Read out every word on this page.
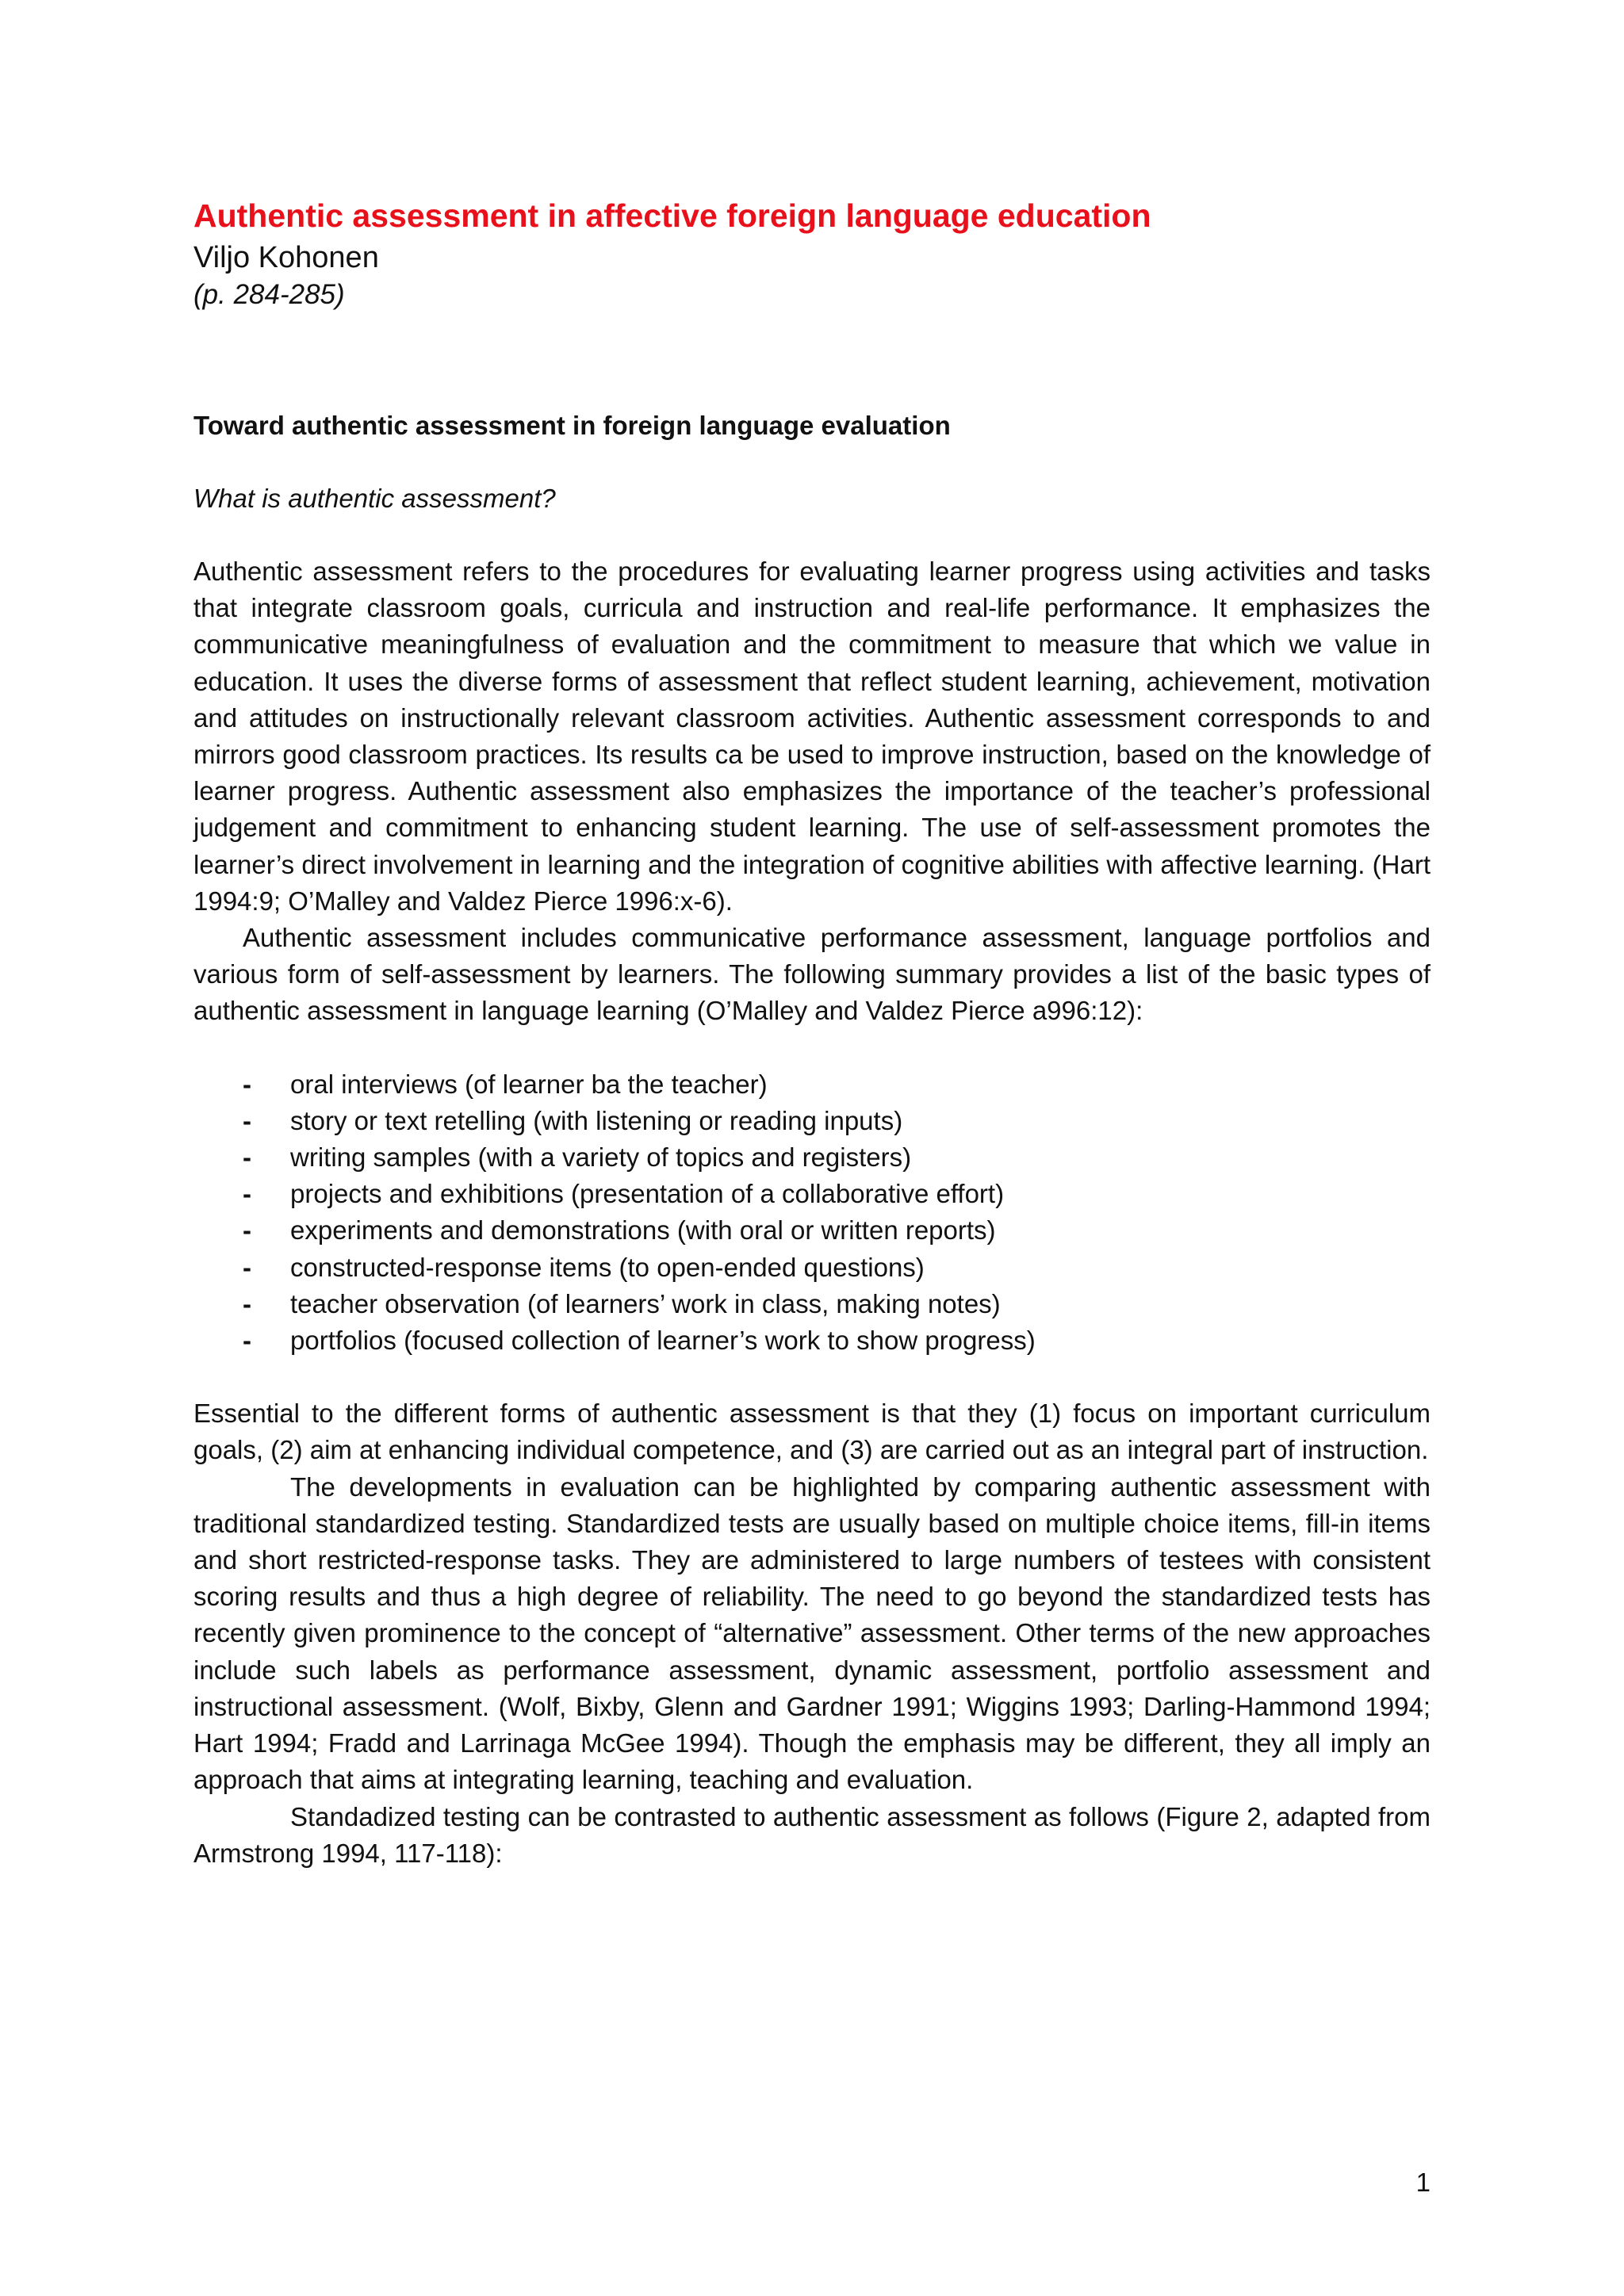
Authentic assessment in affective foreign language education

Viljo Kohonen

(p. 284-285)

Toward authentic assessment in foreign language evaluation

What is authentic assessment?

Authentic assessment refers to the procedures for evaluating learner progress using activities and tasks that integrate classroom goals, curricula and instruction and real-life performance. It emphasizes the communicative meaningfulness of evaluation and the commitment to measure that which we value in education. It uses the diverse forms of assessment that reflect student learning, achievement, motivation and attitudes on instructionally relevant classroom activities. Authentic assessment corresponds to and mirrors good classroom practices. Its results ca be used to improve instruction, based on the knowledge of learner progress. Authentic assessment also emphasizes the importance of the teacher’s professional judgement and commitment to enhancing student learning. The use of self-assessment promotes the learner’s direct involvement in learning and the integration of cognitive abilities with affective learning. (Hart 1994:9; O’Malley and Valdez Pierce 1996:x-6).

Authentic assessment includes communicative performance assessment, language portfolios and various form of self-assessment by learners. The following summary provides a list of the basic types of authentic assessment in language learning (O’Malley and Valdez Pierce a996:12):

- oral interviews (of learner ba the teacher)
- story or text retelling (with listening or reading inputs)
- writing samples (with a variety of topics and registers)
- projects and exhibitions (presentation of a collaborative effort)
- experiments and demonstrations (with oral or written reports)
- constructed-response items (to open-ended questions)
- teacher observation (of learners’ work in class, making notes)
- portfolios (focused collection of learner’s work to show progress)

Essential to the different forms of authentic assessment is that they (1) focus on important curriculum goals, (2) aim at enhancing individual competence, and (3) are carried out as an integral part of instruction.

The developments in evaluation can be highlighted by comparing authentic assessment with traditional standardized testing. Standardized tests are usually based on multiple choice items, fill-in items and short restricted-response tasks. They are administered to large numbers of testees with consistent scoring results and thus a high degree of reliability. The need to go beyond the standardized tests has recently given prominence to the concept of “alternative” assessment. Other terms of the new approaches include such labels as performance assessment, dynamic assessment, portfolio assessment and instructional assessment. (Wolf, Bixby, Glenn and Gardner 1991; Wiggins 1993; Darling-Hammond 1994; Hart 1994; Fradd and Larrinaga McGee 1994). Though the emphasis may be different, they all imply an approach that aims at integrating learning, teaching and evaluation.

Standadized testing can be contrasted to authentic assessment as follows (Figure 2, adapted from Armstrong 1994, 117-118):

1
